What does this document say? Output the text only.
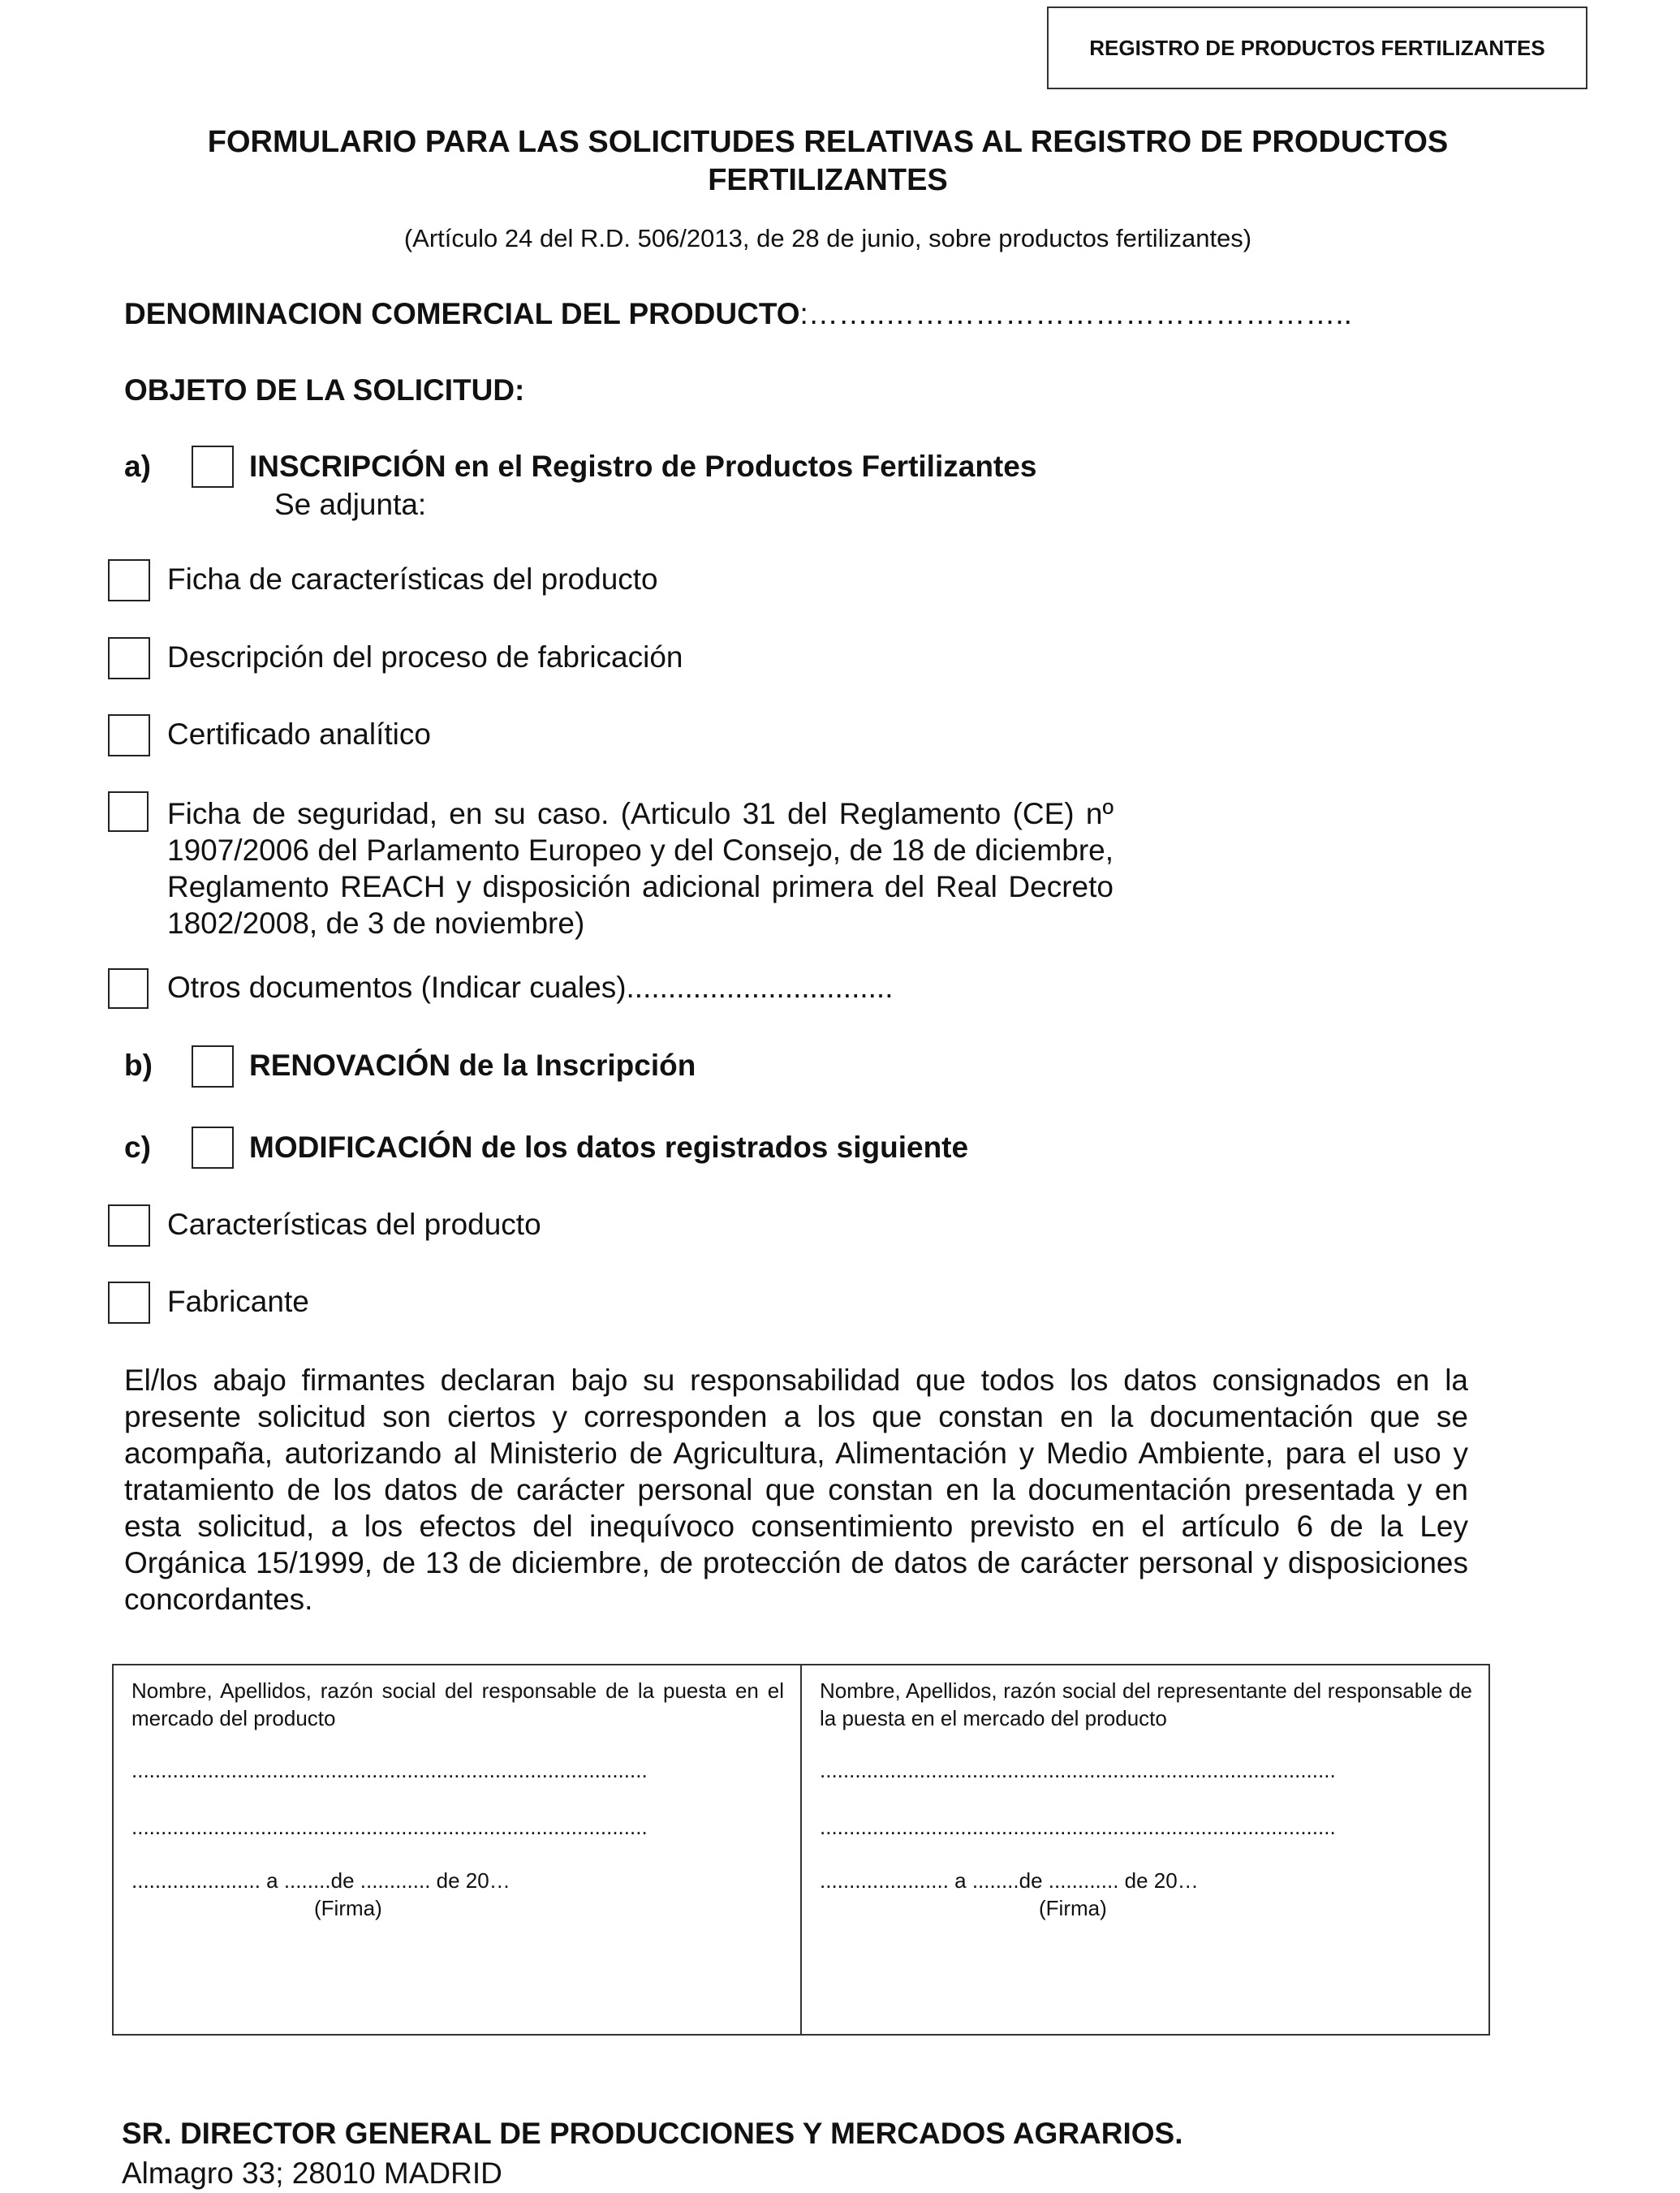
REGISTRO DE PRODUCTOS FERTILIZANTES
FORMULARIO PARA LAS SOLICITUDES RELATIVAS AL REGISTRO DE PRODUCTOS
FERTILIZANTES
(Artículo 24 del R.D. 506/2013, de 28 de junio, sobre productos fertilizantes)
DENOMINACION COMERCIAL DEL PRODUCTO:……..………………………………………..
OBJETO DE LA SOLICITUD:
a)	INSCRIPCIÓN en el Registro de Productos Fertilizantes
Se adjunta:
Ficha de características del producto
Descripción del proceso de fabricación
Certificado analítico
Ficha de seguridad, en su caso. (Articulo 31 del Reglamento (CE) nº 1907/2006 del Parlamento Europeo y del Consejo, de 18 de diciembre, Reglamento REACH y disposición adicional primera del Real Decreto 1802/2008, de 3 de noviembre)
Otros documentos (Indicar cuales)................................
b)	RENOVACIÓN de la Inscripción
c)	MODIFICACIÓN de los datos registrados siguiente
Características del producto
Fabricante
El/los abajo firmantes declaran bajo su responsabilidad que todos los datos consignados en la presente solicitud son ciertos y corresponden a los que constan en la documentación que se acompaña, autorizando al Ministerio de Agricultura, Alimentación y Medio Ambiente, para el uso y tratamiento de los datos de carácter personal que constan en la documentación presentada y en esta solicitud, a los efectos del inequívoco consentimiento previsto en el artículo 6 de la Ley Orgánica 15/1999, de 13 de diciembre, de protección de datos de carácter personal y disposiciones concordantes.
Nombre, Apellidos, razón social del responsable de la puesta en el mercado del producto
........................................................................................
........................................................................................
...................... a ........de ............ de 20…
(Firma)

Nombre, Apellidos, razón social del representante del responsable de la puesta en el mercado del producto
........................................................................................
........................................................................................
...................... a ........de ............ de 20…
(Firma)
SR. DIRECTOR GENERAL DE PRODUCCIONES Y MERCADOS AGRARIOS.
Almagro 33; 28010 MADRID
